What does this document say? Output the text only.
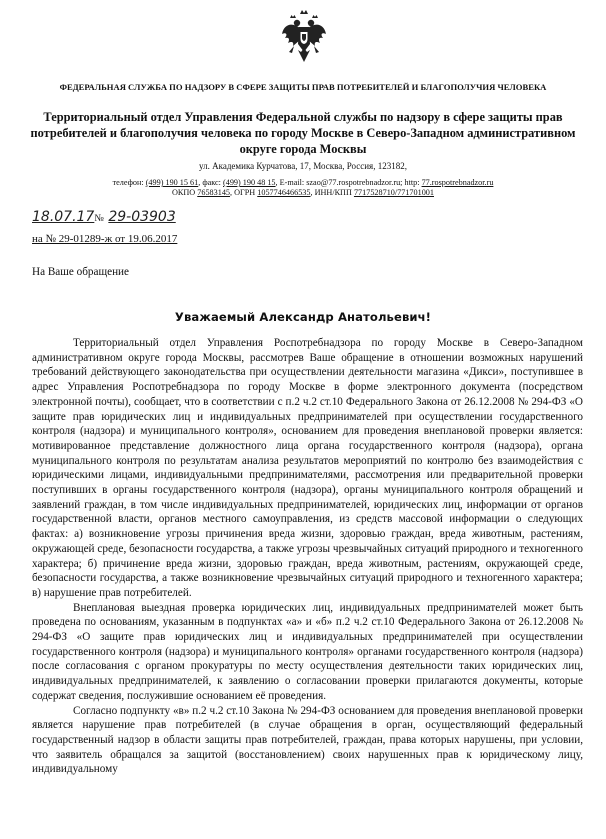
ФЕДЕРАЛЬНАЯ СЛУЖБА ПО НАДЗОРУ В СФЕРЕ ЗАЩИТЫ ПРАВ ПОТРЕБИТЕЛЕЙ И БЛАГОПОЛУЧИЯ ЧЕЛОВЕКА
Территориальный отдел Управления Федеральной службы по надзору в сфере защиты прав потребителей и благополучия человека по городу Москве в Северо-Западном административном округе города Москвы
ул. Академика Курчатова, 17, Москва, Россия, 123182,
телефон: (499) 190 15 61, факс: (499) 190 48 15, E-mail: szao@77.rospotrebnadzor.ru; http: 77.rospotrebnadzor.ru
ОКПО 76583145, ОГРН 1057746466535, ИНН/КПП 7717528710/771701001
18.07.17№ 29-03903
на № 29-01289-ж от 19.06.2017
На Ваше обращение
Уважаемый Александр Анатольевич!

Территориальный отдел Управления Роспотребнадзора по городу Москве в Северо-Западном административном округе города Москвы, рассмотрев Ваше обращение в отношении возможных нарушений требований действующего законодательства при осуществлении деятельности магазина «Дикси», поступившее в адрес Управления Роспотребнадзора по городу Москве в форме электронного документа (посредством электронной почты), сообщает, что в соответствии с п.2 ч.2 ст.10 Федерального Закона от 26.12.2008 № 294-ФЗ «О защите прав юридических лиц и индивидуальных предпринимателей при осуществлении государственного контроля (надзора) и муниципального контроля», основанием для проведения внеплановой проверки является: мотивированное представление должностного лица органа государственного контроля (надзора), органа муниципального контроля по результатам анализа результатов мероприятий по контролю без взаимодействия с юридическими лицами, индивидуальными предпринимателями, рассмотрения или предварительной проверки поступивших в органы государственного контроля (надзора), органы муниципального контроля обращений и заявлений граждан, в том числе индивидуальных предпринимателей, юридических лиц, информации от органов государственной власти, органов местного самоуправления, из средств массовой информации о следующих фактах: а) возникновение угрозы причинения вреда жизни, здоровью граждан, вреда животным, растениям, окружающей среде, безопасности государства, а также угрозы чрезвычайных ситуаций природного и техногенного характера; б) причинение вреда жизни, здоровью граждан, вреда животным, растениям, окружающей среде, безопасности государства, а также возникновение чрезвычайных ситуаций природного и техногенного характера; в) нарушение прав потребителей.

Внеплановая выездная проверка юридических лиц, индивидуальных предпринимателей может быть проведена по основаниям, указанным в подпунктах «а» и «б» п.2 ч.2 ст.10 Федерального Закона от 26.12.2008 № 294-ФЗ «О защите прав юридических лиц и индивидуальных предпринимателей при осуществлении государственного контроля (надзора) и муниципального контроля» органами государственного контроля (надзора) после согласования с органом прокуратуры по месту осуществления деятельности таких юридических лиц, индивидуальных предпринимателей, к заявлению о согласовании проверки прилагаются документы, которые содержат сведения, послужившие основанием её проведения.

Согласно подпункту «в» п.2 ч.2 ст.10 Закона № 294-ФЗ основанием для проведения внеплановой проверки является нарушение прав потребителей (в случае обращения в орган, осуществляющий федеральный государственный надзор в области защиты прав потребителей, граждан, права которых нарушены, при условии, что заявитель обращался за защитой (восстановлением) своих нарушенных прав к юридическому лицу, индивидуальному
